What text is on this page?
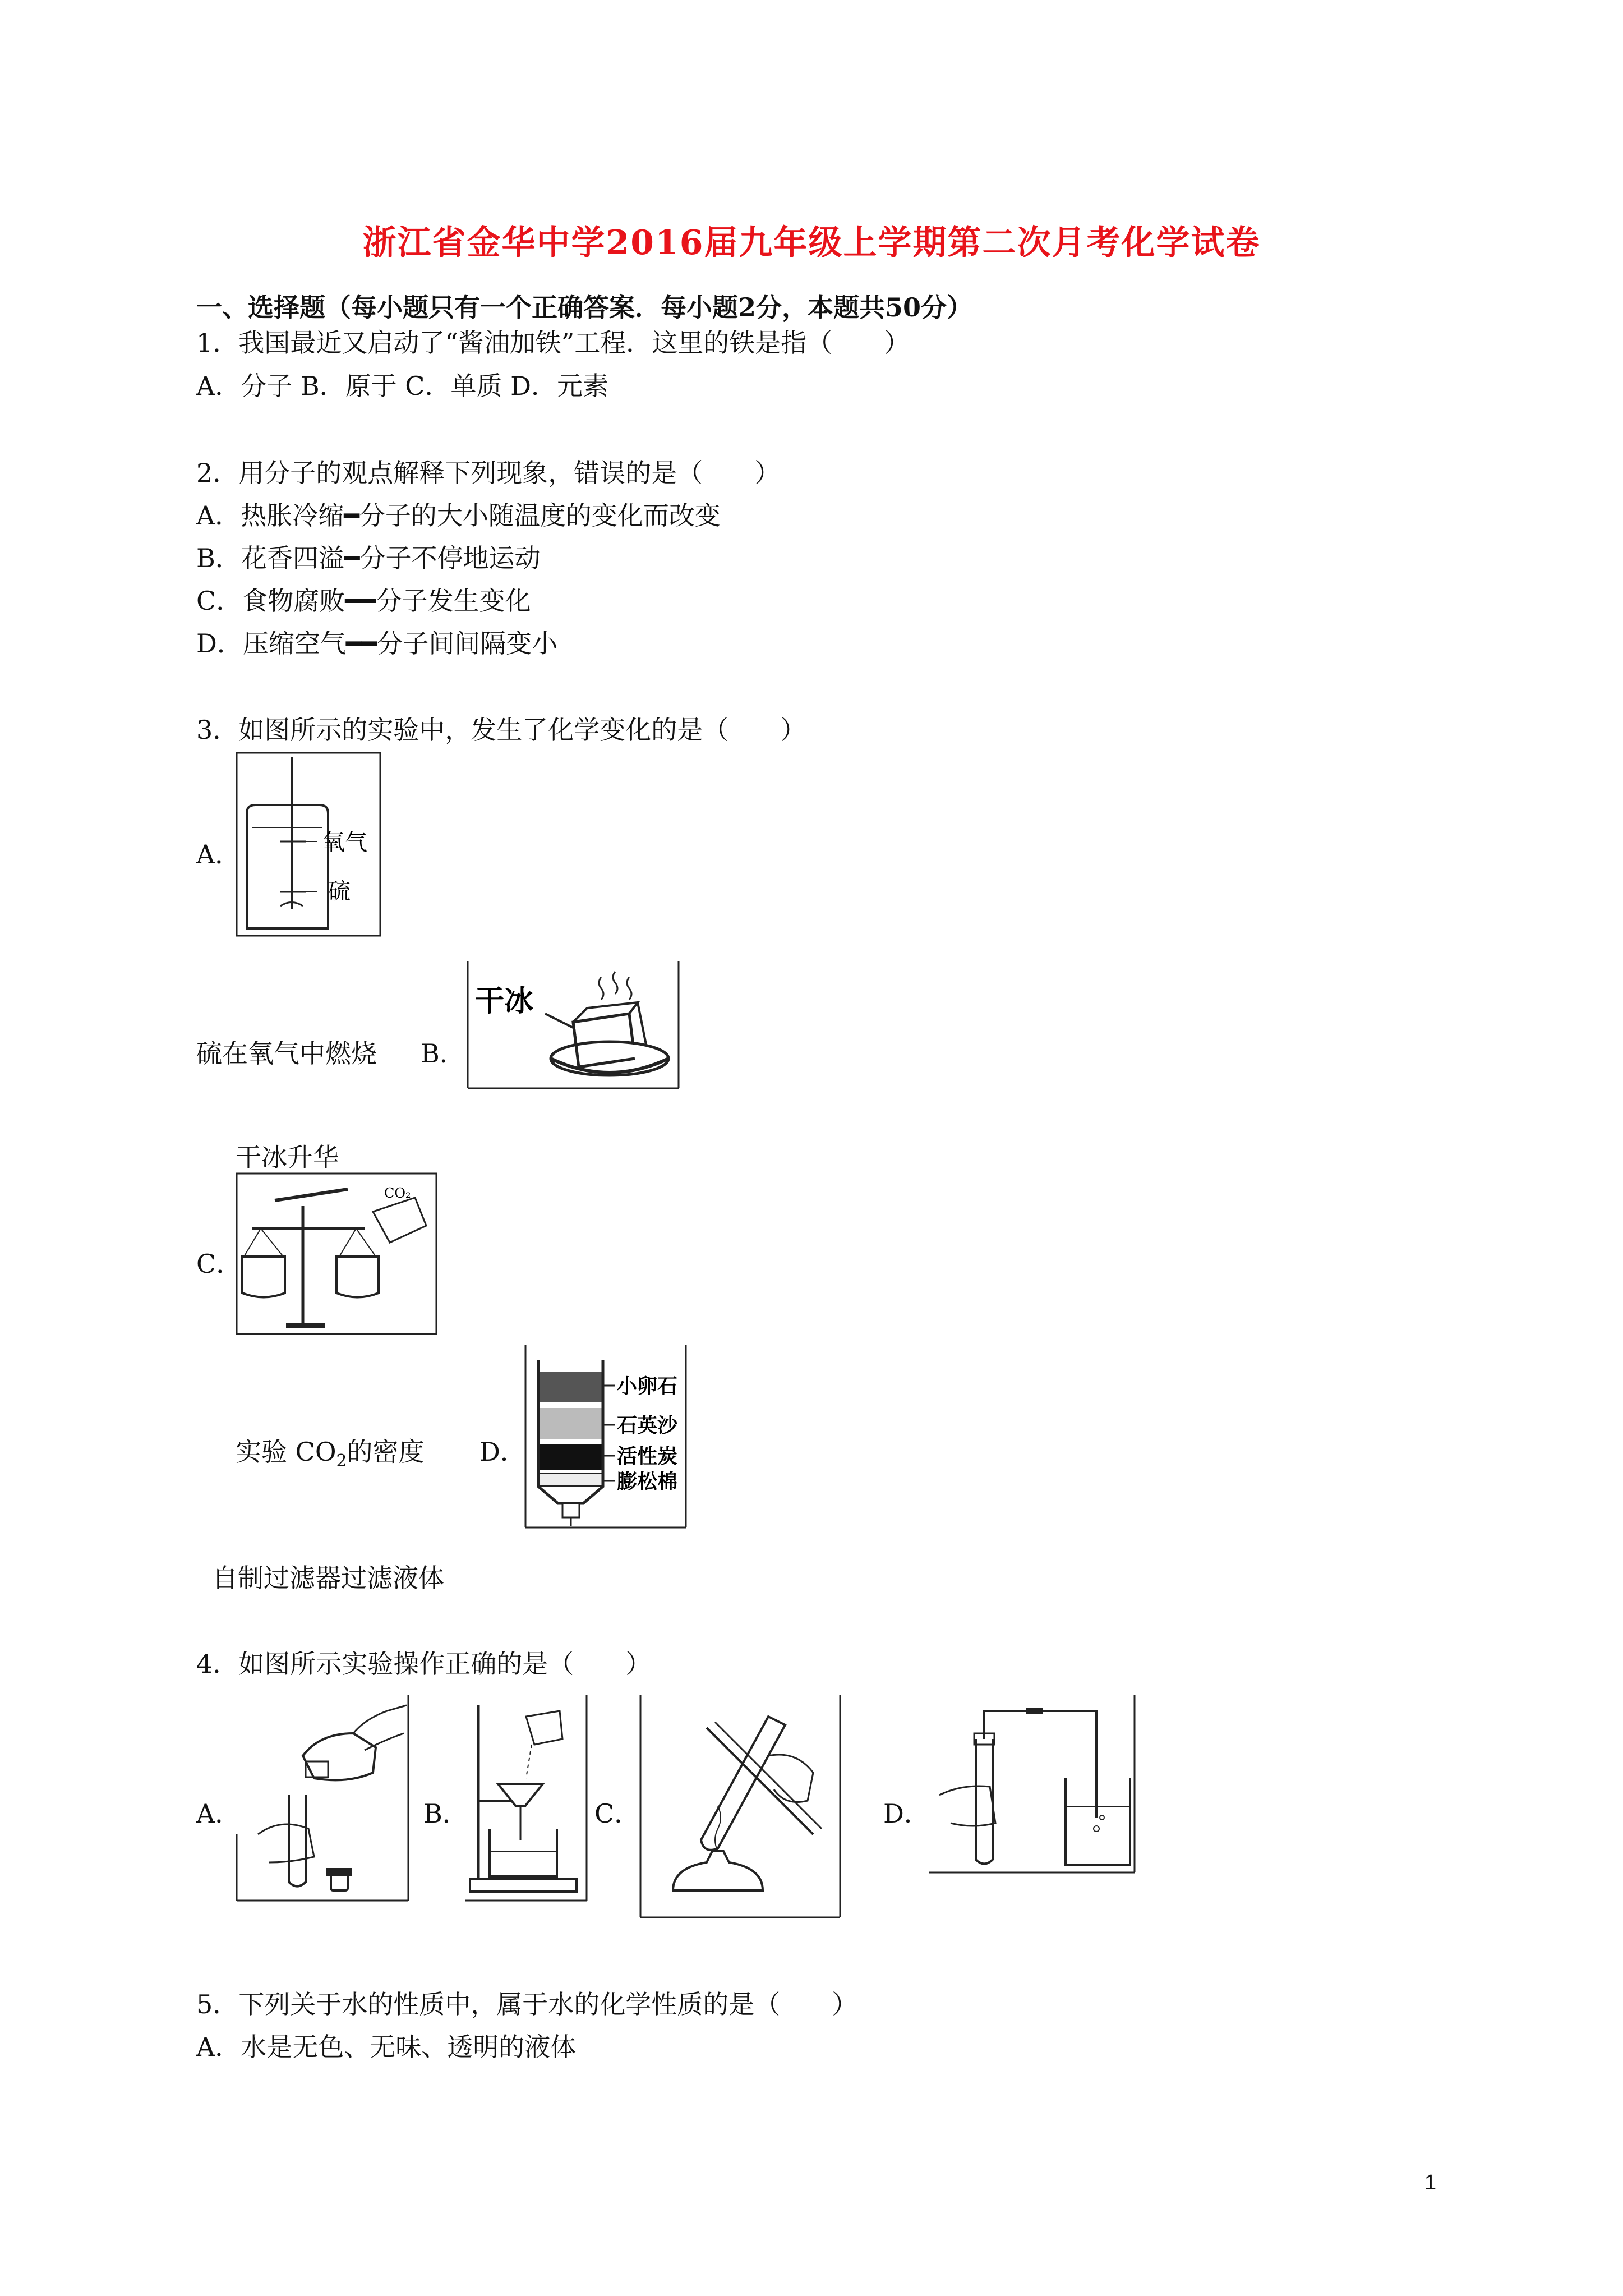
浙江省金华中学2016届九年级上学期第二次月考化学试卷
一、选择题（每小题只有一个正确答案．每小题2分，本题共50分）
1．我国最近又启动了“酱油加铁”工程．这里的铁是指（　　）
A．分子 B．原于 C．单质 D．元素
2．用分子的观点解释下列现象，错误的是（　　）
A．热胀冷缩━分子的大小随温度的变化而改变
B．花香四溢━分子不停地运动
C．食物腐败━━分子发生变化
D．压缩空气━━分子间间隔变小
3．如图所示的实验中，发生了化学变化的是（　　）
A．	氧气
硫
硫在氧气中燃烧 B．
干冰
干冰升华
C．
CO₂
实验 $CO_2$的密度 D．
小卵石
石英沙
活性炭
膨松棉
自制过滤器过滤液体
4．如图所示实验操作正确的是（　　）
A．	B．	C．	D．
5．下列关于水的性质中，属于水的化学性质的是（　　）
A．水是无色、无味、透明的液体
1
